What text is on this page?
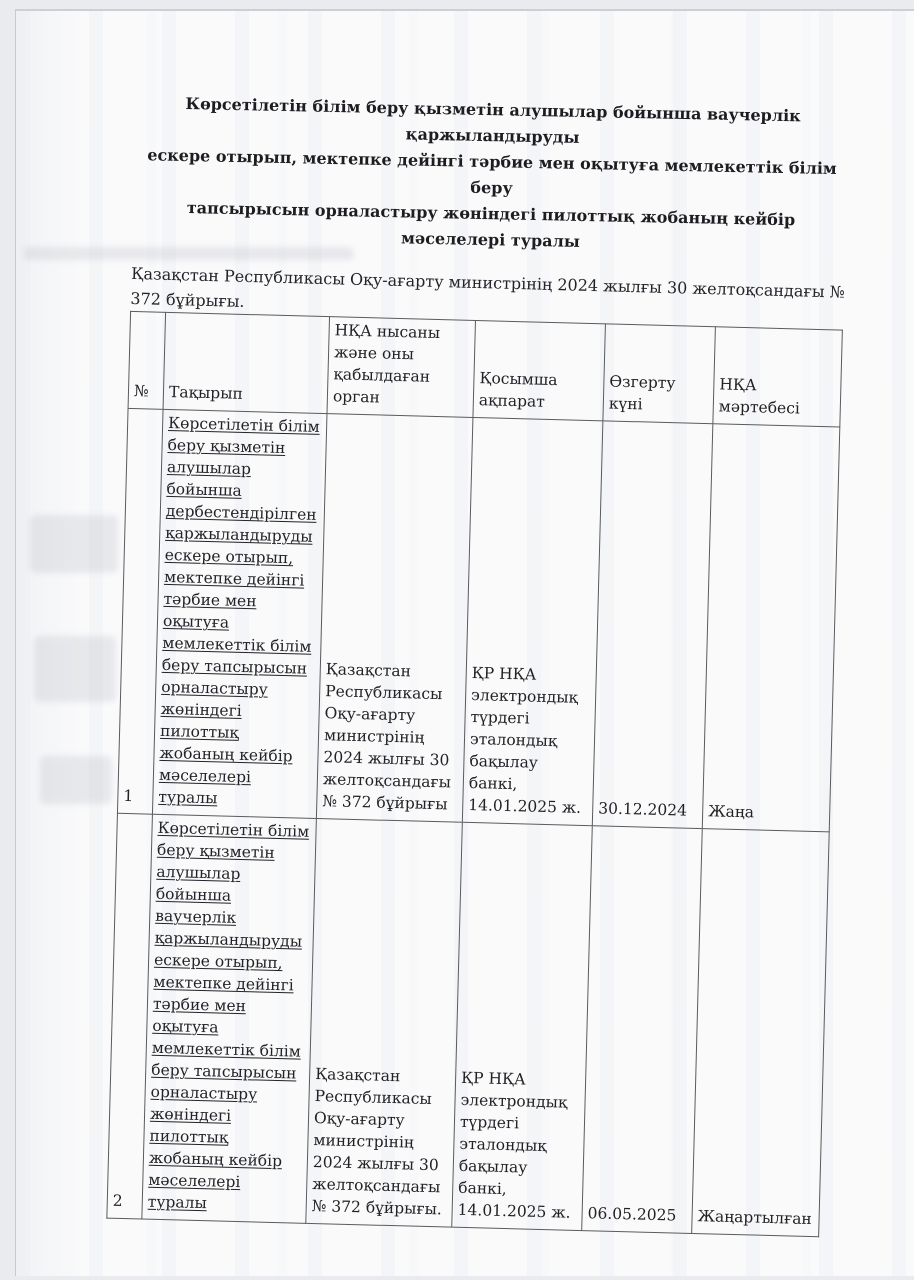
Көрсетілетін білім беру қызметін алушылар бойынша ваучерлік қаржыландыруды
ескере отырып, мектепке дейінгі тәрбие мен оқытуға мемлекеттік білім беру
тапсырысын орналастыру жөніндегі пилоттық жобаның кейбір мәселелері туралы
Қазақстан Республикасы Оқу-ағарту министрінің 2024 жылғы 30 желтоқсандағы № 372 бұйрығы.
№	Тақырып	НҚА нысаны және оны қабылдаған орган	Қосымша ақпарат	Өзгерту күні	НҚА мәртебесі
1	Көрсетілетін білім беру қызметін алушылар бойынша дербестендірілген қаржыландыруды ескере отырып, мектепке дейінгі тәрбие мен оқытуға мемлекеттік білім беру тапсырысын орналастыру жөніндегі пилоттық жобаның кейбір мәселелері туралы	Қазақстан Республикасы Оқу-ағарту министрінің 2024 жылғы 30 желтоқсандағы № 372 бұйрығы	ҚР НҚА электрондық түрдегі эталондық бақылау банкі, 14.01.2025 ж.	30.12.2024	Жаңа
2	Көрсетілетін білім беру қызметін алушылар бойынша ваучерлік қаржыландыруды ескере отырып, мектепке дейінгі тәрбие мен оқытуға мемлекеттік білім беру тапсырысын орналастыру жөніндегі пилоттық жобаның кейбір мәселелері туралы	Қазақстан Республикасы Оқу-ағарту министрінің 2024 жылғы 30 желтоқсандағы № 372 бұйрығы.	ҚР НҚА электрондық түрдегі эталондық бақылау банкі, 14.01.2025 ж.	06.05.2025	Жаңартылған
